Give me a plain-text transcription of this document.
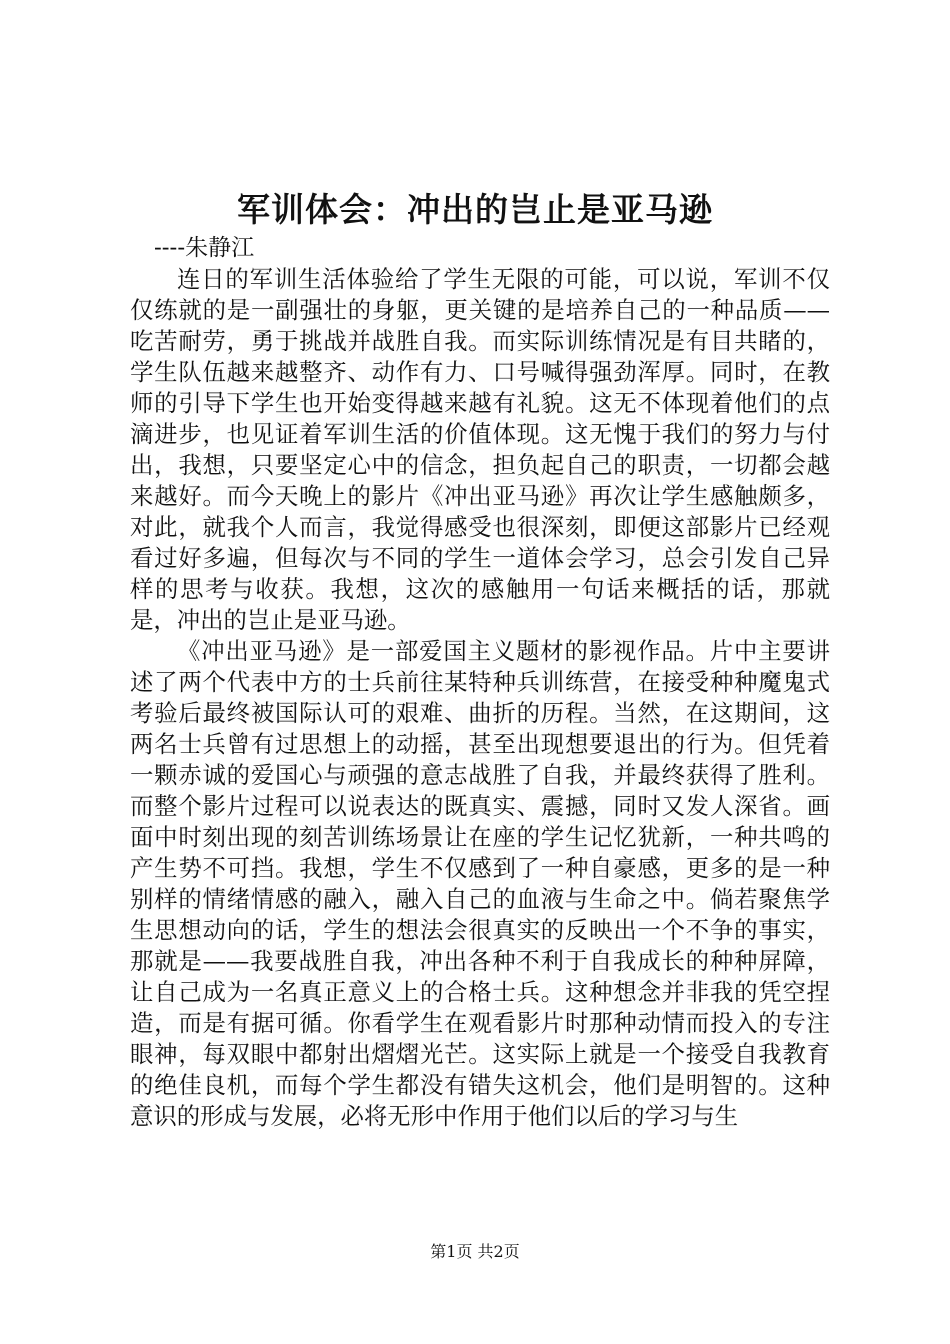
军训体会：冲出的岂止是亚马逊

----朱静江

连日的军训生活体验给了学生无限的可能，可以说，军训不仅仅练就的是一副强壮的身躯，更关键的是培养自己的一种品质——吃苦耐劳，勇于挑战并战胜自我。而实际训练情况是有目共睹的，学生队伍越来越整齐、动作有力、口号喊得强劲浑厚。同时，在教师的引导下学生也开始变得越来越有礼貌。这无不体现着他们的点滴进步，也见证着军训生活的价值体现。这无愧于我们的努力与付出，我想，只要坚定心中的信念，担负起自己的职责，一切都会越来越好。而今天晚上的影片《冲出亚马逊》再次让学生感触颇多，对此，就我个人而言，我觉得感受也很深刻，即便这部影片已经观看过好多遍，但每次与不同的学生一道体会学习，总会引发自己异样的思考与收获。我想，这次的感触用一句话来概括的话，那就是，冲出的岂止是亚马逊。

《冲出亚马逊》是一部爱国主义题材的影视作品。片中主要讲述了两个代表中方的士兵前往某特种兵训练营，在接受种种魔鬼式考验后最终被国际认可的艰难、曲折的历程。当然，在这期间，这两名士兵曾有过思想上的动摇，甚至出现想要退出的行为。但凭着一颗赤诚的爱国心与顽强的意志战胜了自我，并最终获得了胜利。而整个影片过程可以说表达的既真实、震撼，同时又发人深省。画面中时刻出现的刻苦训练场景让在座的学生记忆犹新，一种共鸣的产生势不可挡。我想，学生不仅感到了一种自豪感，更多的是一种别样的情绪情感的融入，融入自己的血液与生命之中。倘若聚焦学生思想动向的话，学生的想法会很真实的反映出一个不争的事实，那就是——我要战胜自我，冲出各种不利于自我成长的种种屏障，让自己成为一名真正意义上的合格士兵。这种想念并非我的凭空捏造，而是有据可循。你看学生在观看影片时那种动情而投入的专注眼神，每双眼中都射出熠熠光芒。这实际上就是一个接受自我教育的绝佳良机，而每个学生都没有错失这机会，他们是明智的。这种意识的形成与发展，必将无形中作用于他们以后的学习与生

第1页 共2页
